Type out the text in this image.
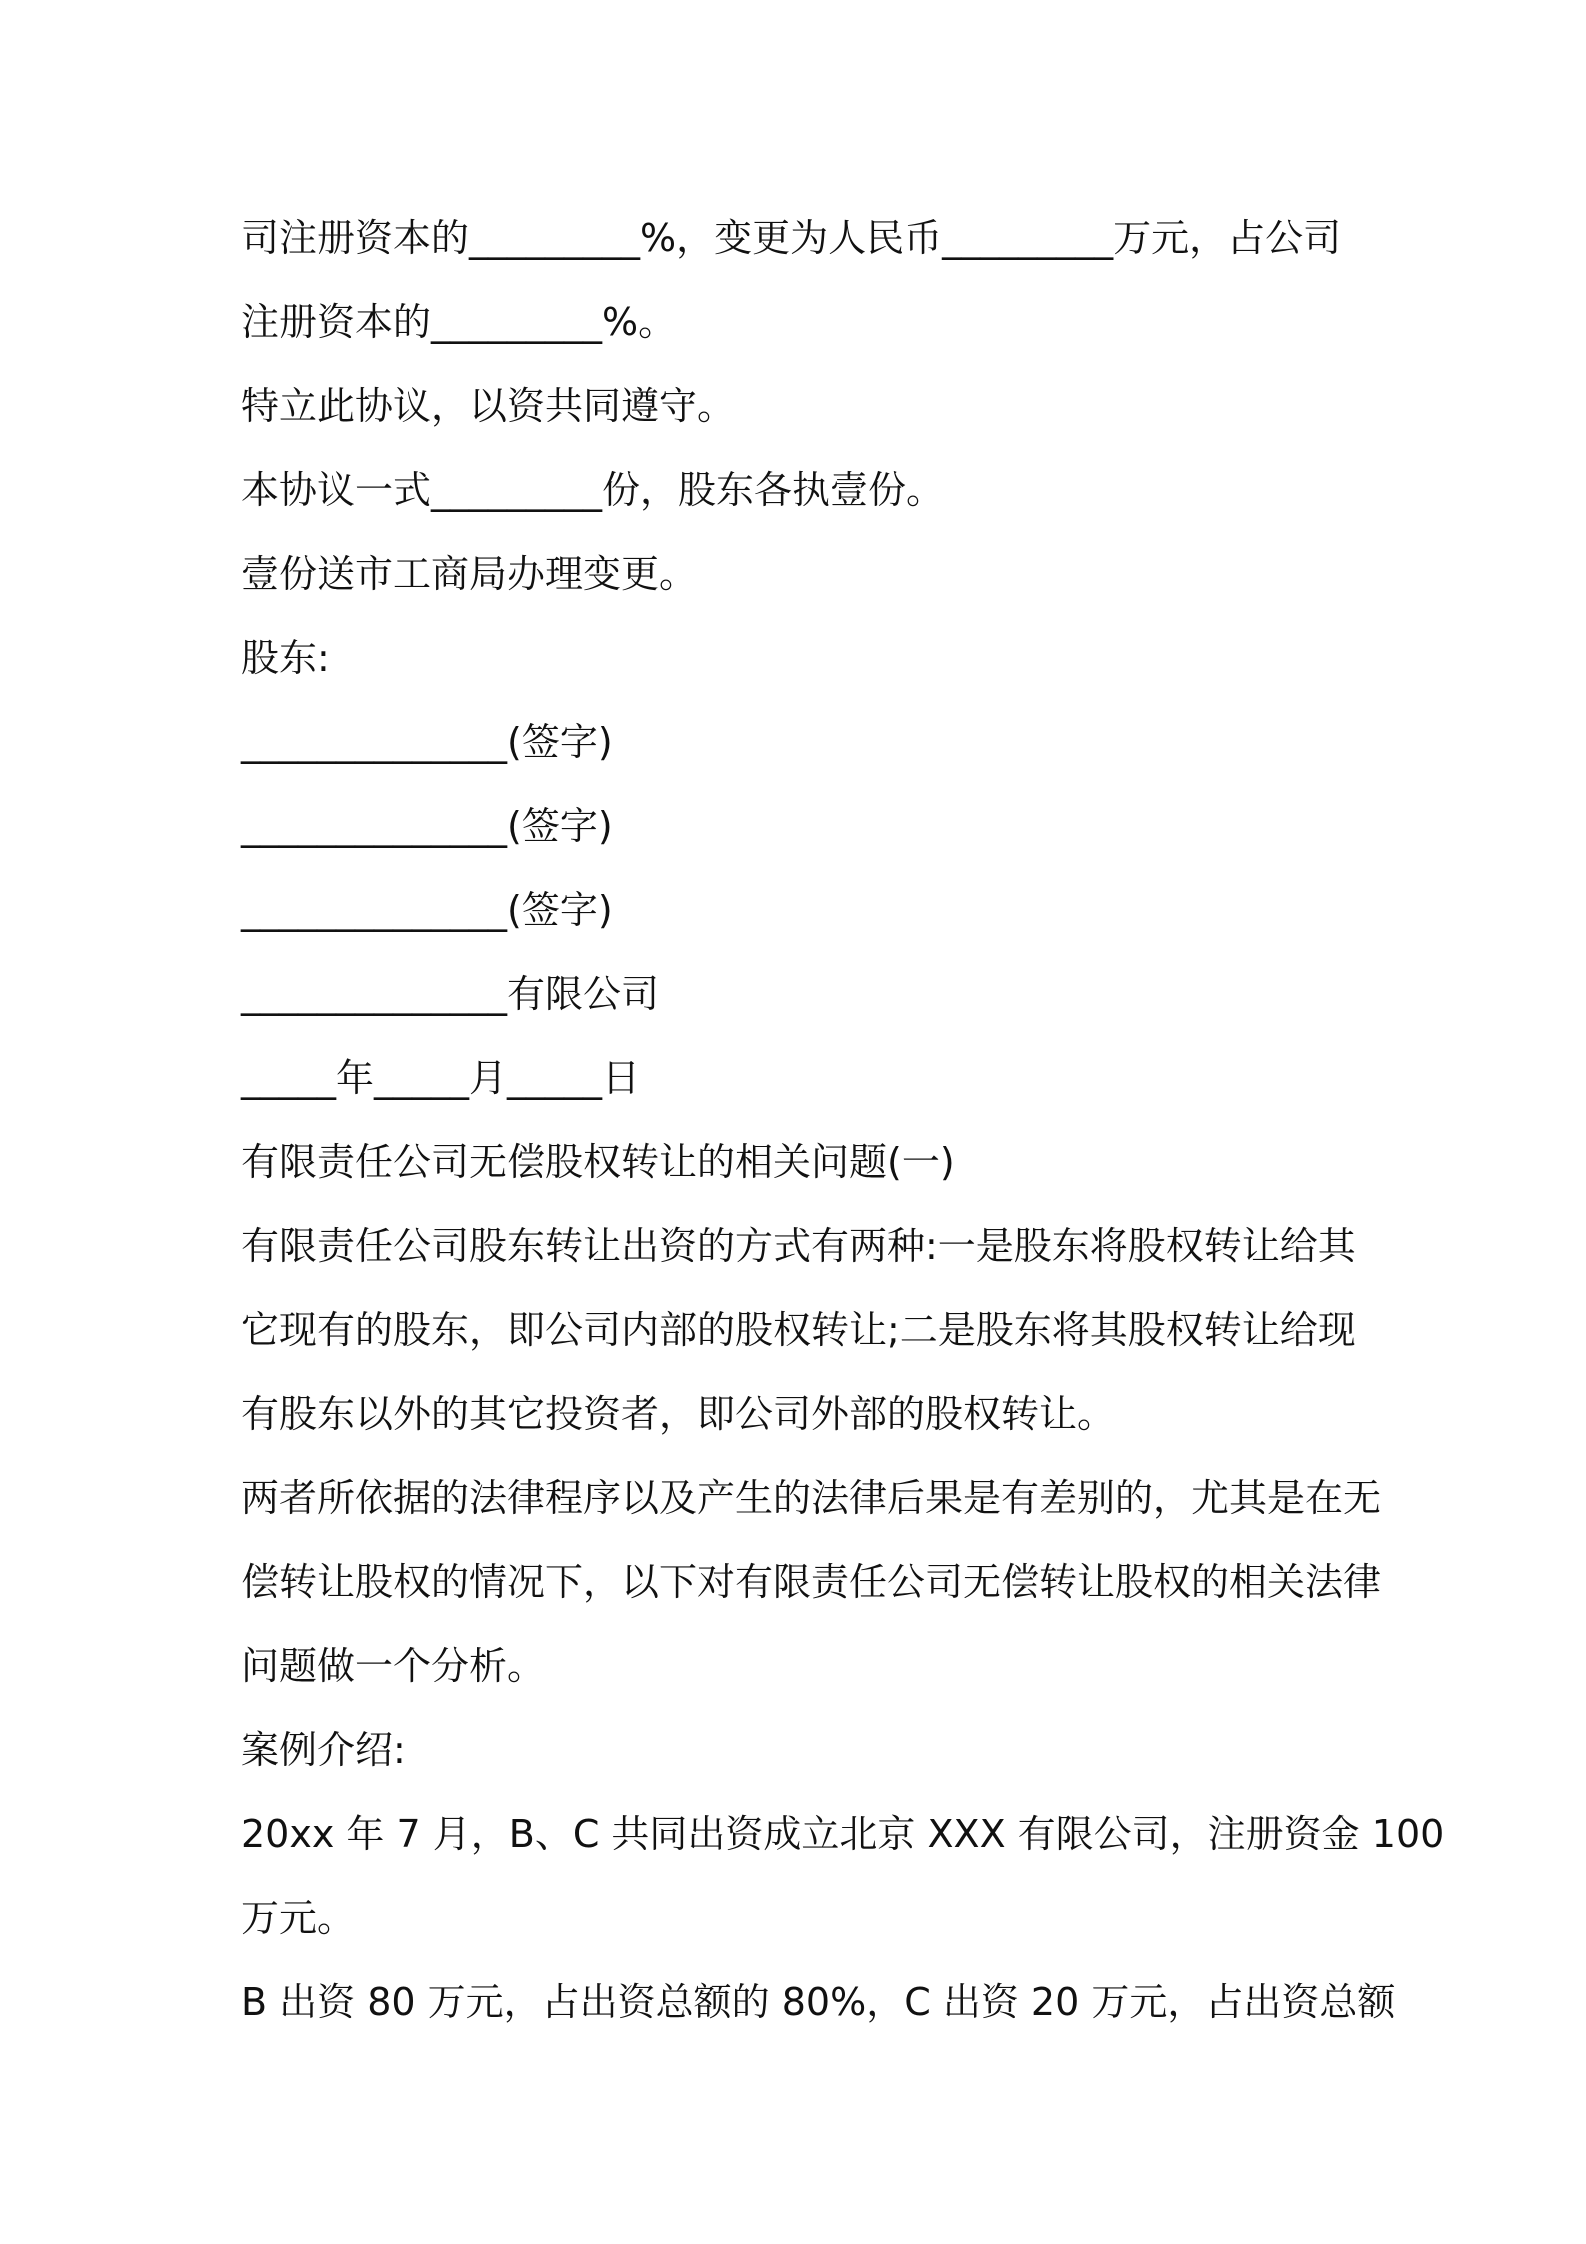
司注册资本的_________%，变更为人民币_________万元，占公司
注册资本的_________%。
特立此协议，以资共同遵守。
本协议一式_________份，股东各执壹份。
壹份送市工商局办理变更。
股东:
______________(签字)
______________(签字)
______________(签字)
______________有限公司
_____年_____月_____日
有限责任公司无偿股权转让的相关问题(一)
有限责任公司股东转让出资的方式有两种:一是股东将股权转让给其
它现有的股东，即公司内部的股权转让;二是股东将其股权转让给现
有股东以外的其它投资者，即公司外部的股权转让。
两者所依据的法律程序以及产生的法律后果是有差别的，尤其是在无
偿转让股权的情况下，以下对有限责任公司无偿转让股权的相关法律
问题做一个分析。
案例介绍:
20xx 年 7 月，B、C 共同出资成立北京 XXX 有限公司，注册资金 100
万元。
B 出资 80 万元，占出资总额的 80%，C 出资 20 万元，占出资总额
